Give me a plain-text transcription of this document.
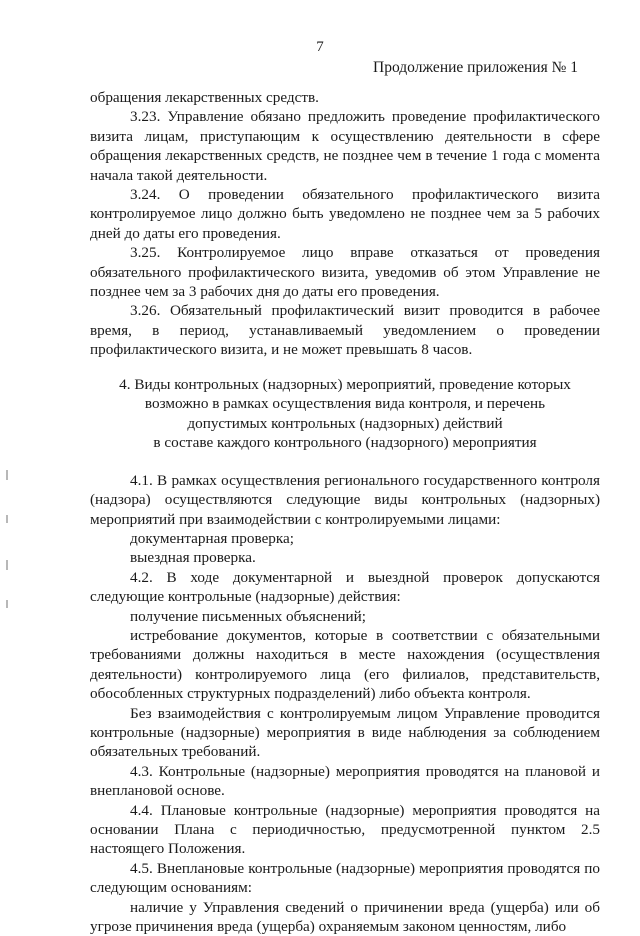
7
Продолжение приложения № 1

обращения лекарственных средств.

3.23. Управление обязано предложить проведение профилактического визита лицам, приступающим к осуществлению деятельности в сфере обращения лекарственных средств, не позднее чем в течение 1 года с момента начала такой деятельности.

3.24. О проведении обязательного профилактического визита контролируемое лицо должно быть уведомлено не позднее чем за 5 рабочих дней до даты его проведения.

3.25. Контролируемое лицо вправе отказаться от проведения обязательного профилактического визита, уведомив об этом Управление не позднее чем за 3 рабочих дня до даты его проведения.

3.26. Обязательный профилактический визит проводится в рабочее время, в период, устанавливаемый уведомлением о проведении профилактического визита, и не может превышать 8 часов.

4. Виды контрольных (надзорных) мероприятий, проведение которых
возможно в рамках осуществления вида контроля, и перечень
допустимых контрольных (надзорных) действий
в составе каждого контрольного (надзорного) мероприятия

4.1. В рамках осуществления регионального государственного контроля (надзора) осуществляются следующие виды контрольных (надзорных) мероприятий при взаимодействии с контролируемыми лицами:

документарная проверка;

выездная проверка.

4.2. В ходе документарной и выездной проверок допускаются следующие контрольные (надзорные) действия:

получение письменных объяснений;

истребование документов, которые в соответствии с обязательными требованиями должны находиться в месте нахождения (осуществления деятельности) контролируемого лица (его филиалов, представительств, обособленных структурных подразделений) либо объекта контроля.

Без взаимодействия с контролируемым лицом Управление проводится контрольные (надзорные) мероприятия в виде наблюдения за соблюдением обязательных требований.

4.3. Контрольные (надзорные) мероприятия проводятся на плановой и внеплановой основе.

4.4. Плановые контрольные (надзорные) мероприятия проводятся на основании Плана с периодичностью, предусмотренной пунктом 2.5 настоящего Положения.

4.5. Внеплановые контрольные (надзорные) мероприятия проводятся по следующим основаниям:

наличие у Управления сведений о причинении вреда (ущерба) или об угрозе причинения вреда (ущерба) охраняемым законом ценностям, либо
